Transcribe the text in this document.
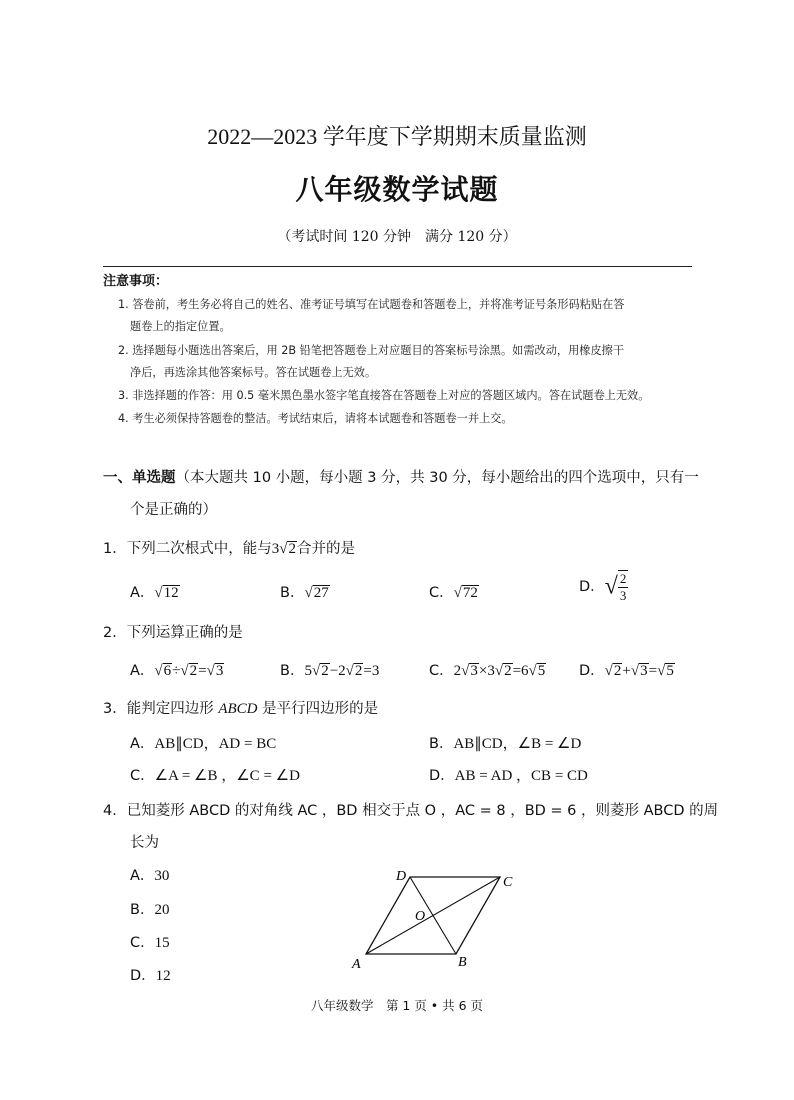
2022—2023 学年度下学期期末质量监测
八年级数学试题
（考试时间 120 分钟　满分 120 分）
注意事项：
1. 答卷前，考生务必将自己的姓名、准考证号填写在试题卷和答题卷上，并将准考证号条形码粘贴在答
题卷上的指定位置。
2. 选择题每小题选出答案后，用 2B 铅笔把答题卷上对应题目的答案标号涂黑。如需改动，用橡皮擦干
净后，再选涂其他答案标号。答在试题卷上无效。
3. 非选择题的作答：用 0.5 毫米黑色墨水签字笔直接答在答题卷上对应的答题区域内。答在试题卷上无效。
4. 考生必须保持答题卷的整洁。考试结束后，请将本试题卷和答题卷一并上交。
一、单选题（本大题共 10 小题，每小题 3 分，共 30 分，每小题给出的四个选项中，只有一
个是正确的）
1．下列二次根式中，能与3√2合并的是
A．√12	B．√27	C．√72	D．√ $\frac{2}{3}$
2．下列运算正确的是
A．√6÷√2=√3	B．5√2−2√2=3	C．2√3×3√2=6√5 D．√2+√3=√5
3．能判定四边形 ABCD 是平行四边形的是
A．AB∥CD，AD = BC	B．AB∥CD，∠B = ∠D
C．∠A = ∠B ，∠C = ∠D	D．AB = AD ，CB = CD
4．已知菱形 ABCD 的对角线 AC ，BD 相交于点 O ，AC = 8 ，BD = 6 ，则菱形 ABCD 的周
长为
A．30
B．20
C．15
D．12
A	B
C
D
O
八年级数学　第 1 页 • 共 6 页
